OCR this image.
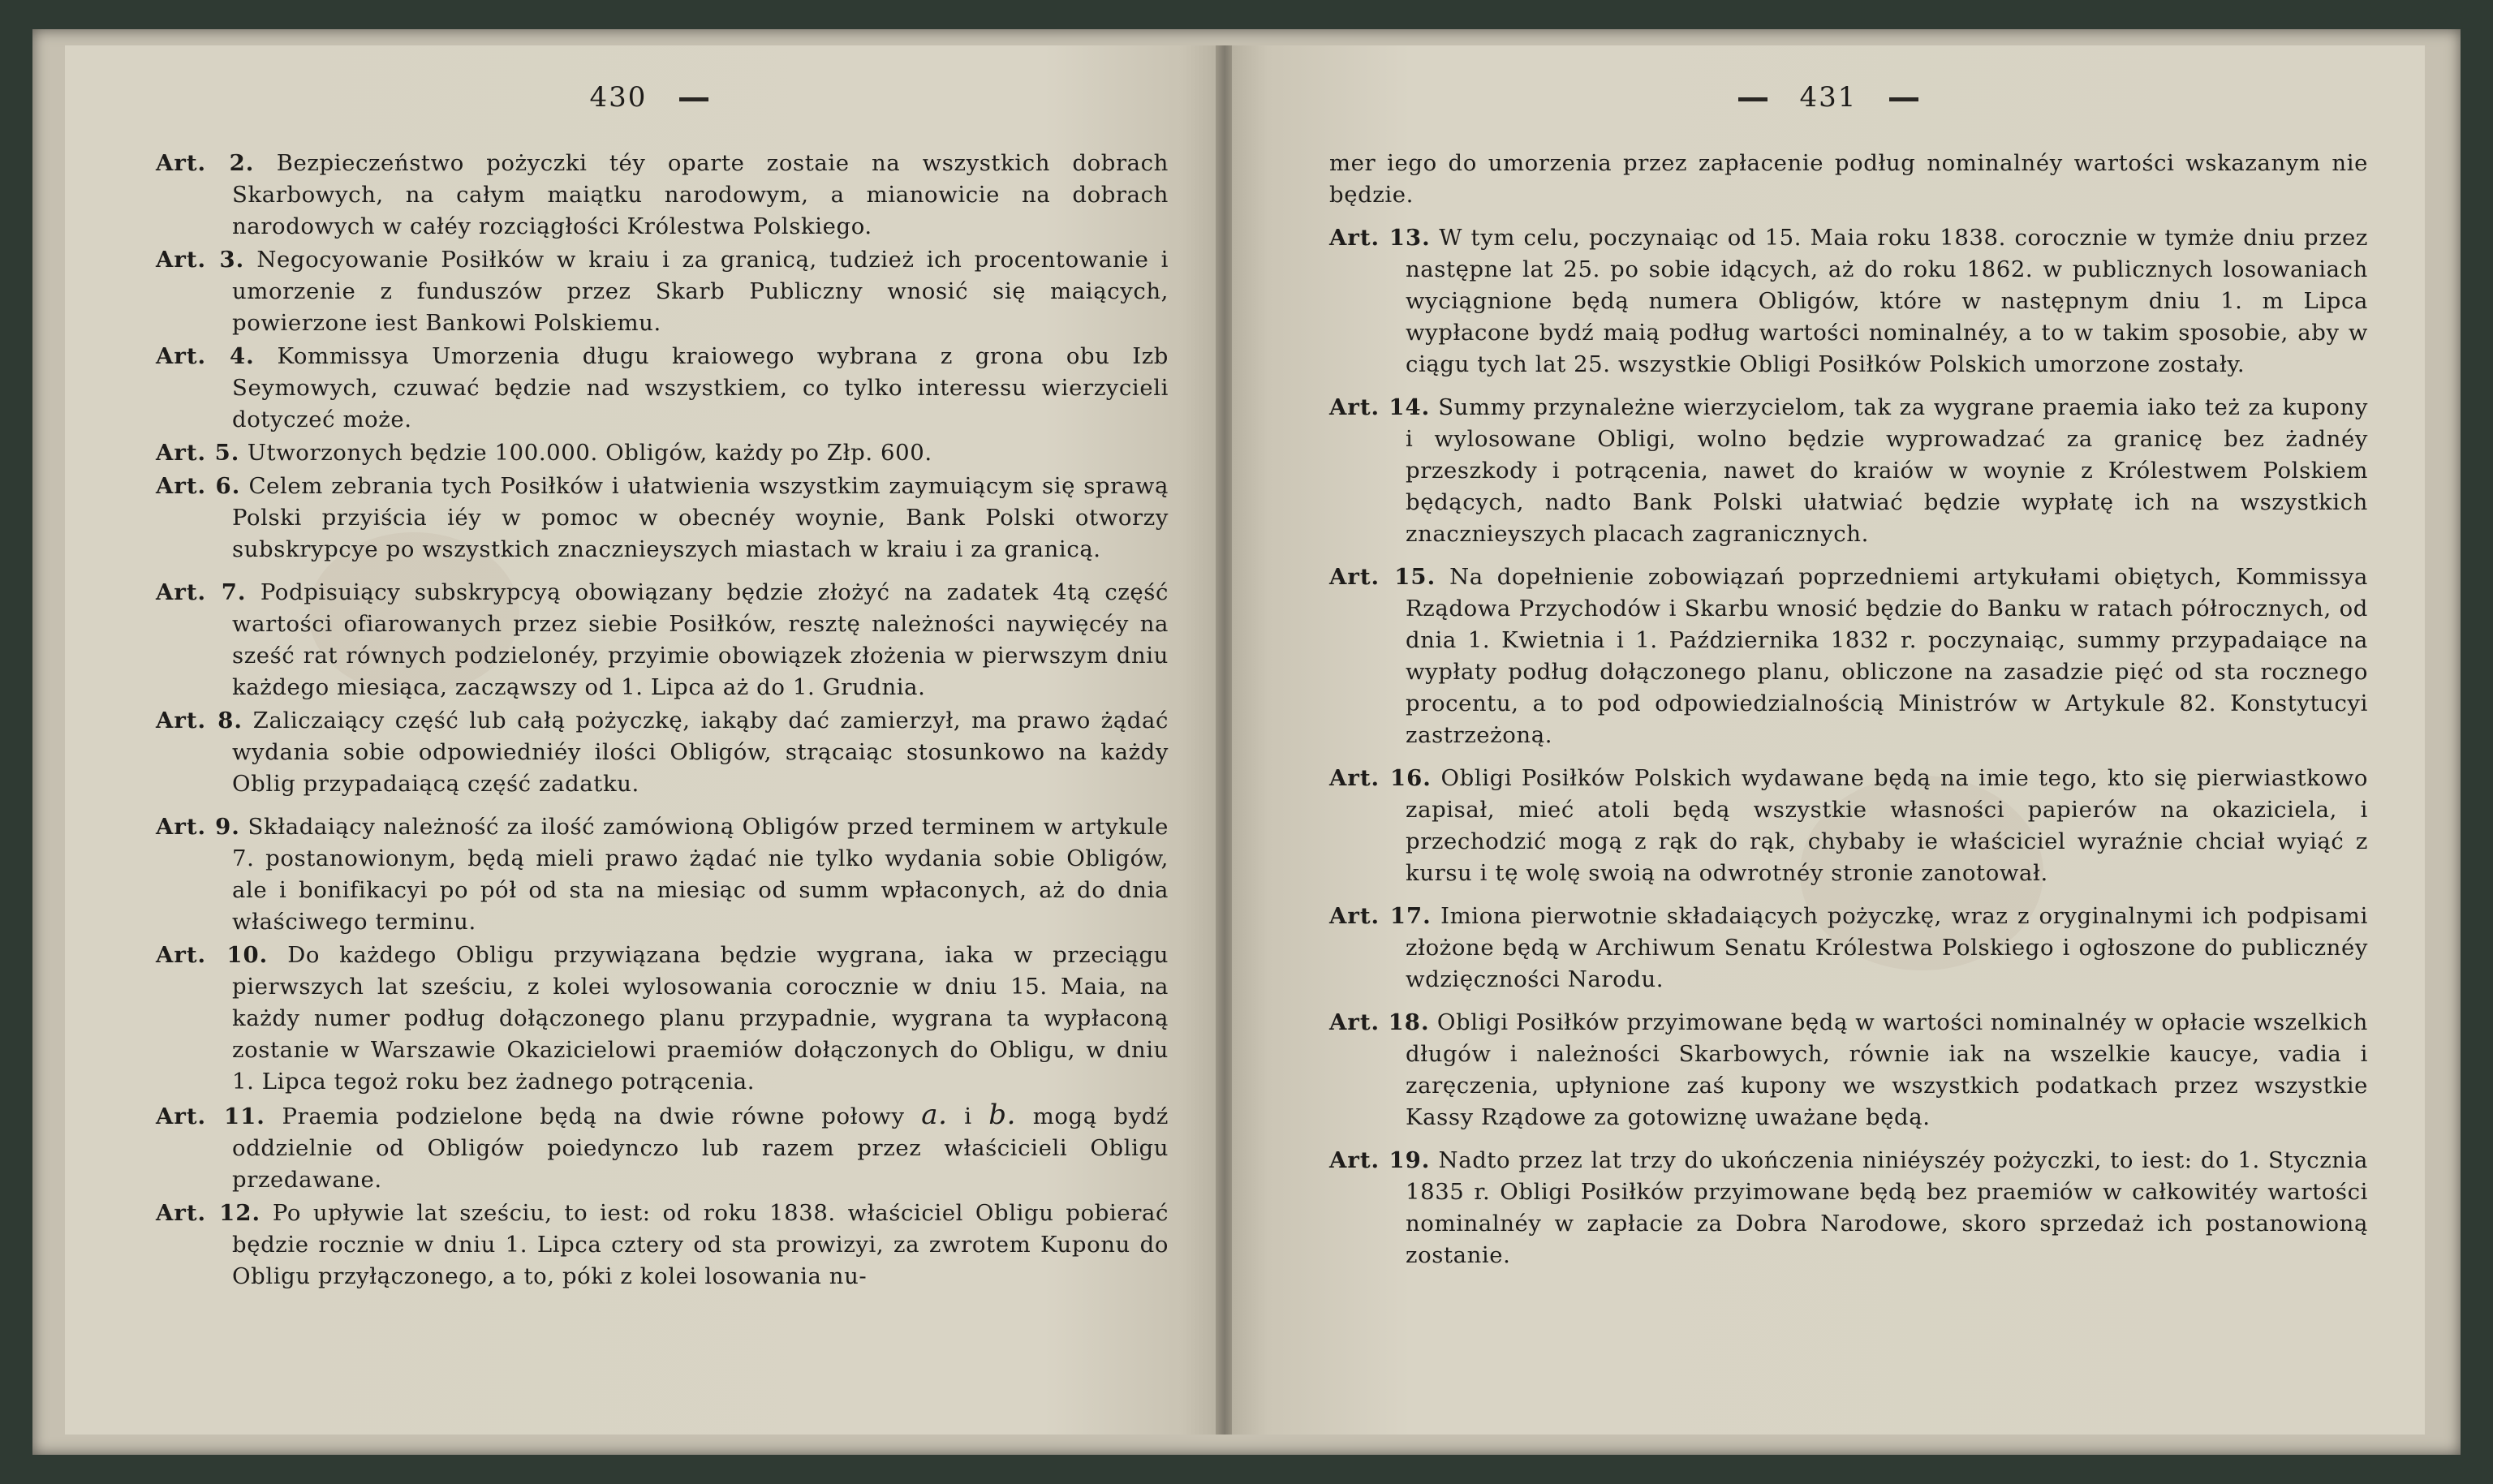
430

Art. 2. Bezpieczeństwo pożyczki téy oparte zostaie na wszystkich dobrach Skarbowych, na całym maiątku narodowym, a mianowicie na dobrach narodowych w całéy rozciągłości Królestwa Polskiego.

Art. 3. Negocyowanie Posiłków w kraiu i za granicą, tudzież ich procentowanie i umorzenie z funduszów przez Skarb Publiczny wnosić się maiących, powierzone iest Bankowi Polskiemu.

Art. 4. Kommissya Umorzenia długu kraiowego wybrana z grona obu Izb Seymowych, czuwać będzie nad wszystkiem, co tylko interessu wierzycieli dotyczeć może.

Art. 5. Utworzonych będzie 100.000. Obligów, każdy po Złp. 600.

Art. 6. Celem zebrania tych Posiłków i ułatwienia wszystkim zaymuiącym się sprawą Polski przyiścia iéy w pomoc w obecnéy woynie, Bank Polski otworzy subskrypcye po wszystkich znacznieyszych miastach w kraiu i za granicą.

Art. 7. Podpisuiący subskrypcyą obowiązany będzie złożyć na zadatek 4tą część wartości ofiarowanych przez siebie Posiłków, resztę należności naywięcéy na sześć rat równych podzielonéy, przyimie obowiązek złożenia w pierwszym dniu każdego miesiąca, zacząwszy od 1. Lipca aż do 1. Grudnia.

Art. 8. Zaliczaiący część lub całą pożyczkę, iakąby dać zamierzył, ma prawo żądać wydania sobie odpowiedniéy ilości Obligów, strącaiąc stosunkowo na każdy Oblig przypadaiącą część zadatku.

Art. 9. Składaiący należność za ilość zamówioną Obligów przed terminem w artykule 7. postanowionym, będą mieli prawo żądać nie tylko wydania sobie Obligów, ale i bonifikacyi po pół od sta na miesiąc od summ wpłaconych, aż do dnia właściwego terminu.

Art. 10. Do każdego Obligu przywiązana będzie wygrana, iaka w przeciągu pierwszych lat sześciu, z kolei wylosowania corocznie w dniu 15. Maia, na każdy numer podług dołączonego planu przypadnie, wygrana ta wypłaconą zostanie w Warszawie Okazicielowi praemiów dołączonych do Obligu, w dniu 1. Lipca tegoż roku bez żadnego potrącenia.

Art. 11. Praemia podzielone będą na dwie równe połowy a. i b. mogą bydź oddzielnie od Obligów poiedynczo lub razem przez właścicieli Obligu przedawane.

Art. 12. Po upływie lat sześciu, to iest: od roku 1838. właściciel Obligu pobierać będzie rocznie w dniu 1. Lipca cztery od sta prowizyi, za zwrotem Kuponu do Obligu przyłączonego, a to, póki z kolei losowania nu-

431

mer iego do umorzenia przez zapłacenie podług nominalnéy wartości wskazanym nie będzie.

Art. 13. W tym celu, poczynaiąc od 15. Maia roku 1838. corocznie w tymże dniu przez następne lat 25. po sobie idących, aż do roku 1862. w publicznych losowaniach wyciągnione będą numera Obligów, które w następnym dniu 1. m Lipca wypłacone bydź maią podług wartości nominalnéy, a to w takim sposobie, aby w ciągu tych lat 25. wszystkie Obligi Posiłków Polskich umorzone zostały.

Art. 14. Summy przynależne wierzycielom, tak za wygrane praemia iako też za kupony i wylosowane Obligi, wolno będzie wyprowadzać za granicę bez żadnéy przeszkody i potrącenia, nawet do kraiów w woynie z Królestwem Polskiem będących, nadto Bank Polski ułatwiać będzie wypłatę ich na wszystkich znacznieyszych placach zagranicznych.

Art. 15. Na dopełnienie zobowiązań poprzedniemi artykułami obiętych, Kommissya Rządowa Przychodów i Skarbu wnosić będzie do Banku w ratach półrocznych, od dnia 1. Kwietnia i 1. Października 1832 r. poczynaiąc, summy przypadaiące na wypłaty podług dołączonego planu, obliczone na zasadzie pięć od sta rocznego procentu, a to pod odpowiedzialnością Ministrów w Artykule 82. Konstytucyi zastrzeżoną.

Art. 16. Obligi Posiłków Polskich wydawane będą na imie tego, kto się pierwiastkowo zapisał, mieć atoli będą wszystkie własności papierów na okaziciela, i przechodzić mogą z rąk do rąk, chybaby ie właściciel wyraźnie chciał wyiąć z kursu i tę wolę swoią na odwrotnéy stronie zanotował.

Art. 17. Imiona pierwotnie składaiących pożyczkę, wraz z oryginalnymi ich podpisami złożone będą w Archiwum Senatu Królestwa Polskiego i ogłoszone do publicznéy wdzięczności Narodu.

Art. 18. Obligi Posiłków przyimowane będą w wartości nominalnéy w opłacie wszelkich długów i należności Skarbowych, równie iak na wszelkie kaucye, vadia i zaręczenia, upłynione zaś kupony we wszystkich podatkach przez wszystkie Kassy Rządowe za gotowiznę uważane będą.

Art. 19. Nadto przez lat trzy do ukończenia niniéyszéy pożyczki, to iest: do 1. Stycznia 1835 r. Obligi Posiłków przyimowane będą bez praemiów w całkowitéy wartości nominalnéy w zapłacie za Dobra Narodowe, skoro sprzedaż ich postanowioną zostanie.
